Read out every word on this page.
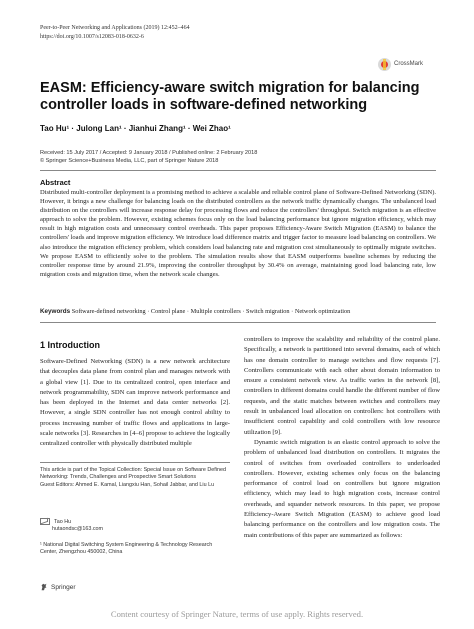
Peer-to-Peer Networking and Applications (2019) 12:452–464
https://doi.org/10.1007/s12083-018-0632-6
CrossMark
EASM: Efficiency-aware switch migration for balancing controller loads in software-defined networking
Tao Hu¹ · Julong Lan¹ · Jianhui Zhang¹ · Wei Zhao¹
Received: 15 July 2017 / Accepted: 9 January 2018 / Published online: 2 February 2018
© Springer Science+Business Media, LLC, part of Springer Nature 2018
Abstract
Distributed multi-controller deployment is a promising method to achieve a scalable and reliable control plane of Software-Defined Networking (SDN). However, it brings a new challenge for balancing loads on the distributed controllers as the network traffic dynamically changes. The unbalanced load distribution on the controllers will increase response delay for processing flows and reduce the controllers' throughput. Switch migration is an effective approach to solve the problem. However, existing schemes focus only on the load balancing performance but ignore migration efficiency, which may result in high migration costs and unnecessary control overheads. This paper proposes Efficiency-Aware Switch Migration (EASM) to balance the controllers' loads and improve migration efficiency. We introduce load difference matrix and trigger factor to measure load balancing on controllers. We also introduce the migration efficiency problem, which considers load balancing rate and migration cost simultaneously to optimally migrate switches. We propose EASM to efficiently solve to the problem. The simulation results show that EASM outperforms baseline schemes by reducing the controller response time by around 21.9%, improving the controller throughput by 30.4% on average, maintaining good load balancing rate, low migration costs and migration time, when the network scale changes.
Keywords Software-defined networking · Control plane · Multiple controllers · Switch migration · Network optimization
1 Introduction

Software-Defined Networking (SDN) is a new network architecture that decouples data plane from control plan and manages network with a global view [1]. Due to its centralized control, open interface and network programmability, SDN can improve network performance and has been deployed in the Internet and data center networks [2]. However, a single SDN controller has not enough control ability to process increasing number of traffic flows and applications in large-scale networks [3]. Researches in [4–6] propose to achieve the logically centralized controller with physically distributed multiple

controllers to improve the scalability and reliability of the control plane. Specifically, a network is partitioned into several domains, each of which has one domain controller to manage switches and flow requests [7]. Controllers communicate with each other about domain information to ensure a consistent network view. As traffic varies in the network [8], controllers in different domains could handle the different number of flow requests, and the static matches between switches and controllers may result in unbalanced load allocation on controllers: hot controllers with insufficient control capability and cold controllers with low resource utilization [9].

Dynamic switch migration is an elastic control approach to solve the problem of unbalanced load distribution on controllers. It migrates the control of switches from overloaded controllers to underloaded controllers. However, existing schemes only focus on the balancing performance of control load on controllers but ignore migration efficiency, which may lead to high migration costs, increase control overheads, and squander network resources. In this paper, we propose Efficiency-Aware Switch Migration (EASM) to achieve good load balancing performance on the controllers and low migration costs. The main contributions of this paper are summarized as follows:

This article is part of the Topical Collection: Special Issue on Software Defined Networking: Trends, Challenges and Prospective Smart Solutions
Guest Editors: Ahmed E. Kamal, Liangxiu Han, Sohail Jabbar, and Liu Lu
Tao Hu
hutaondsc@163.com
¹ National Digital Switching System Engineering & Technology Research Center, Zhengzhou 450002, China
Springer
Content courtesy of Springer Nature, terms of use apply. Rights reserved.
